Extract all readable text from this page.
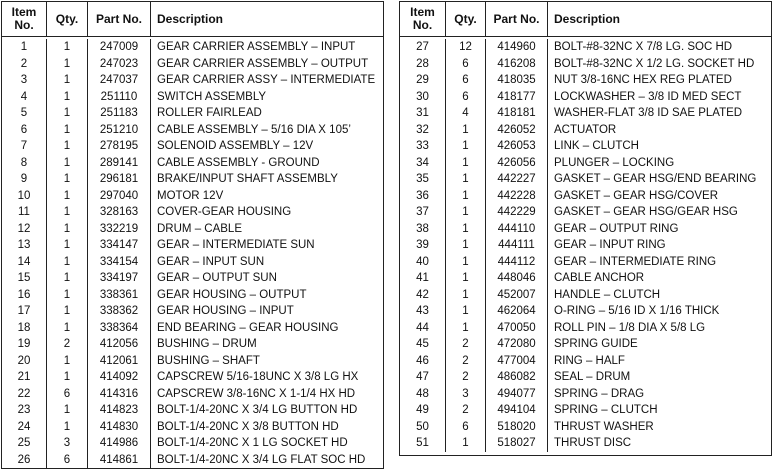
Item
No.	Qty.	Part No.	Description
1	1	247009	GEAR CARRIER ASSEMBLY – INPUT
2	1	247023	GEAR CARRIER ASSEMBLY – OUTPUT
3	1	247037	GEAR CARRIER ASSY – INTERMEDIATE
4	1	251110	SWITCH ASSEMBLY
5	1	251183	ROLLER FAIRLEAD
6	1	251210	CABLE ASSEMBLY – 5/16 DIA X 105’
7	1	278195	SOLENOID ASSEMBLY – 12V
8	1	289141	CABLE ASSEMBLY - GROUND
9	1	296181	BRAKE/INPUT SHAFT ASSEMBLY
10	1	297040	MOTOR 12V
11	1	328163	COVER-GEAR HOUSING
12	1	332219	DRUM – CABLE
13	1	334147	GEAR – INTERMEDIATE SUN
14	1	334154	GEAR – INPUT SUN
15	1	334197	GEAR – OUTPUT SUN
16	1	338361	GEAR HOUSING – OUTPUT
17	1	338362	GEAR HOUSING – INPUT
18	1	338364	END BEARING – GEAR HOUSING
19	2	412056	BUSHING – DRUM
20	1	412061	BUSHING – SHAFT
21	1	414092	CAPSCREW 5/16-18UNC X 3/8 LG HX
22	6	414316	CAPSCREW 3/8-16NC X 1-1/4 HX HD
23	1	414823	BOLT-1/4-20NC X 3/4 LG BUTTON HD
24	1	414830	BOLT-1/4-20NC X 3/8 BUTTON HD
25	3	414986	BOLT-1/4-20NC X 1 LG SOCKET HD
26	6	414861	BOLT-1/4-20NC X 3/4 LG FLAT SOC HD
Item
No.	Qty.	Part No.	Description
27	12	414960	BOLT-#8-32NC X 7/8 LG. SOC HD
28	6	416208	BOLT-#8-32NC X 1/2 LG. SOCKET HD
29	6	418035	NUT 3/8-16NC HEX REG PLATED
30	6	418177	LOCKWASHER – 3/8 ID MED SECT
31	4	418181	WASHER-FLAT 3/8 ID SAE PLATED
32	1	426052	ACTUATOR
33	1	426053	LINK – CLUTCH
34	1	426056	PLUNGER – LOCKING
35	1	442227	GASKET – GEAR HSG/END BEARING
36	1	442228	GASKET – GEAR HSG/COVER
37	1	442229	GASKET – GEAR HSG/GEAR HSG
38	1	444110	GEAR – OUTPUT RING
39	1	444111	GEAR – INPUT RING
40	1	444112	GEAR – INTERMEDIATE RING
41	1	448046	CABLE ANCHOR
42	1	452007	HANDLE – CLUTCH
43	1	462064	O-RING – 5/16 ID X 1/16 THICK
44	1	470050	ROLL PIN – 1/8 DIA X 5/8 LG
45	2	472080	SPRING GUIDE
46	2	477004	RING – HALF
47	2	486082	SEAL – DRUM
48	3	494077	SPRING – DRAG
49	2	494104	SPRING – CLUTCH
50	6	518020	THRUST WASHER
51	1	518027	THRUST DISC
